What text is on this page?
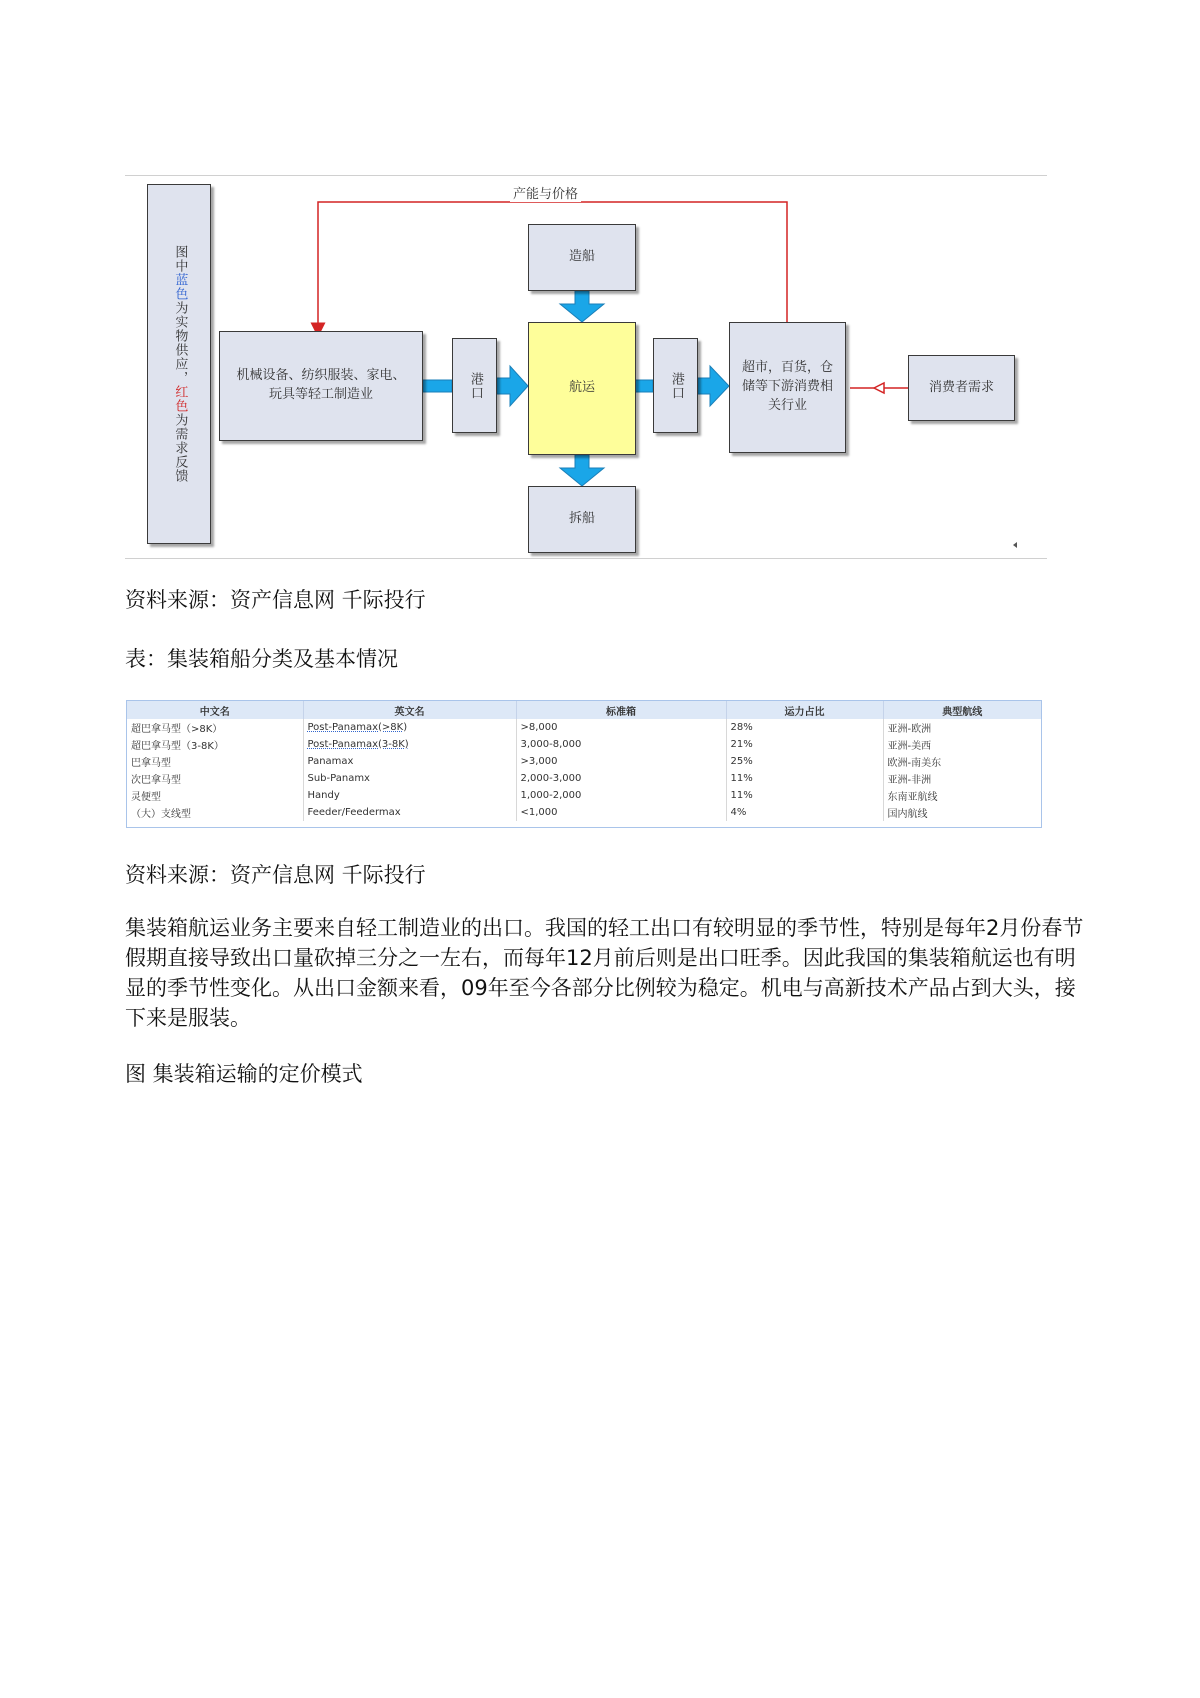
产能与价格
图中蓝色为实物供应，红色为需求反馈
造船
机械设备、纺织服装、家电、
玩具等轻工制造业	港口	航运	港口
超市，百货，仓
储等下游消费相
关行业
消费者需求
拆船
资料来源：资产信息网 千际投行
表：集装箱船分类及基本情况
中文名	英文名	标准箱	运力占比	典型航线
超巴拿马型（>8K）	Post-Panamax(>8K)	>8,000	28%	亚洲-欧洲
超巴拿马型（3-8K）	Post-Panamax(3-8K)	3,000-8,000	21%	亚洲-美西
巴拿马型	Panamax	>3,000	25%	欧洲-南美东
次巴拿马型	Sub-Panamx	2,000-3,000	11%	亚洲-非洲
灵便型	Handy	1,000-2,000	11%	东南亚航线
（大）支线型	Feeder/Feedermax	<1,000	4%	国内航线
资料来源：资产信息网 千际投行
集装箱航运业务主要来自轻工制造业的出口。我国的轻工出口有较明显的季节性，特别是每年2月份春节假期直接导致出口量砍掉三分之一左右，而每年12月前后则是出口旺季。因此我国的集装箱航运也有明显的季节性变化。从出口金额来看，09年至今各部分比例较为稳定。机电与高新技术产品占到大头，接下来是服装。
图 集装箱运输的定价模式
